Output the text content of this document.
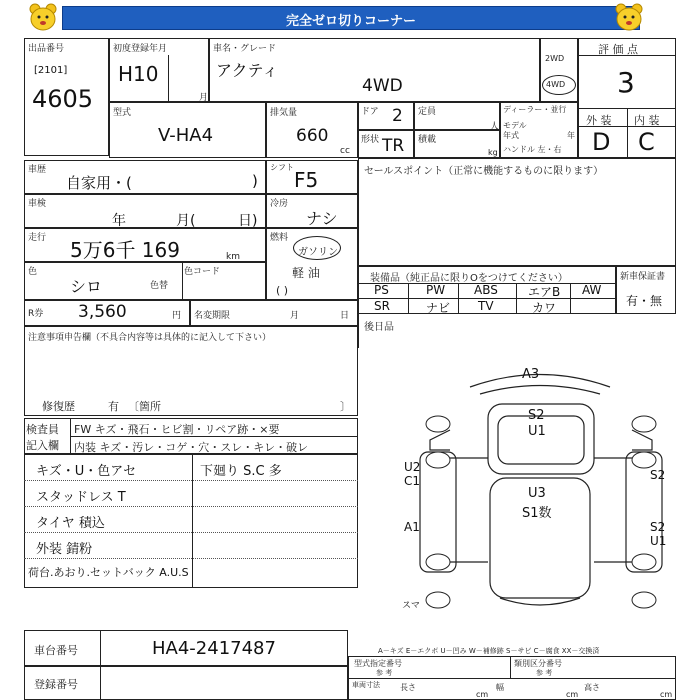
完全ゼロ切りコーナー
出品番号
[2101]
4605
初度登録年月
H10
月
車名・グレード
アクティ
4WD
2WD
4WD
評 価 点
3
外 装 内 装
D C
型式
V-HA4
排気量
660
cc
ドア 2 定員
人
ディーラー・並行
モデル
年式	年
ハンドル 左・右
形状 TR 積載
kg
車歴
自家用・(	)
シフト
F5
車検
年	月(	日)
冷房
ナシ
走行 5万6千 169	km
燃料
ガソリン
軽 油
( )
色
シロ	色替
色コード
R券 3,560	円 名変期限	月	日
注意事項申告欄（不具合内容等は具体的に記入して下さい）
修復歴	有 〔箇所	〕
セールスポイント（正常に機能するものに限ります）
装備品（純正品に限りOをつけてください）
PS	PW ABS	エアB AW
SR	ナビ TV	カワ
新車保証書
有・無
後日品
検査員
記入欄
FW キズ・飛石・ヒビ割・リペア跡・×要
内装 キズ・汚レ・コゲ・穴・スレ・キレ・破レ
キズ・U・色アセ
スタッドレス T
タイヤ 積込
外装 錆粉
荷台.あおり.セットバック A.U.S
下廻り S.C 多
A3
S2
U1
U2
C1	S2
U3
S1数
A1	S2
U1
スマ
車台番号	HA4-2417487
登録番号
A－キズ E－エクボ U－凹み W－補修跡 S－サビ C－腐食 XX－交換済
型式指定番号
参 考
類別区分番号
参 考
車両寸法	長さ
cm
幅
cm
高さ
cm
